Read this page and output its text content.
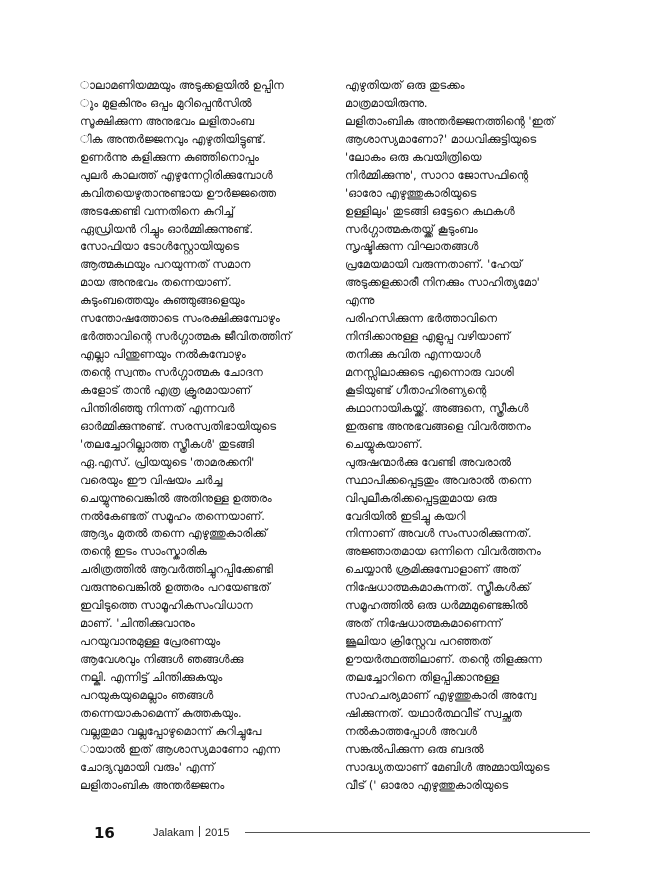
ാലാമണിയമ്മയും അടുക്കളയിൽ ഉപ്പിന
ും മുളകിനും ഒപ്പം മുറിപ്പെൻസിൽ
സൂക്ഷിക്കുന്ന അനുഭവം ലളിതാംബ
ിക അന്തർജ്ജനവും എഴുതിയിട്ടുണ്ട്.
ഉണർന്നു കളിക്കുന്ന കുഞ്ഞിനൊപ്പം
പുലർ കാലത്ത് എഴുന്നേറ്റിരിക്കുമ്പോൾ
കവിതയെഴുതാനുണ്ടായ ഊർജ്ജത്തെ
അടക്കേണ്ടി വന്നതിനെ കുറിച്ച്
ഏഡ്രിയൻ റിച്ചും ഓർമ്മിക്കുന്നുണ്ട്.
സോഫിയാ ടോൾസ്റ്റോയിയുടെ
ആത്മകഥയും പറയുന്നത് സമാന
മായ അനുഭവം തന്നെയാണ്.
കുടുംബത്തെയും കുഞ്ഞുങ്ങളെയും
സന്തോഷത്തോടെ സംരക്ഷിക്കുമ്പോഴും
ഭർത്താവിന്റെ സർഗ്ഗാത്മക ജീവിതത്തിന്
എല്ലാ പിന്തുണയും നൽകുമ്പോഴും
തന്റെ സ്വന്തം സർഗ്ഗാത്മക ചോദന
കളോട് താൻ എത്ര ക്രൂരമായാണ്
പിന്തിരിഞ്ഞു നിന്നത് എന്നവർ
ഓർമ്മിക്കുന്നുണ്ട്. സരസ്വതിഭായിയുടെ
'തലച്ചോറില്ലാത്ത സ്ത്രീകൾ' തുടങ്ങി
ഏ.എസ്. പ്രിയയുടെ 'താമരക്കനി'
വരെയും ഈ വിഷയം ചർച്ച
ചെയ്യുന്നുവെങ്കിൽ അതിനുള്ള ഉത്തരം
നൽകേണ്ടത് സമൂഹം തന്നെയാണ്.
ആദ്യം മുതൽ തന്നെ എഴുത്തുകാരിക്ക്
തന്റെ ഇടം സാംസ്കാരിക
ചരിത്രത്തിൽ ആവർത്തിച്ചുറപ്പിക്കേണ്ടി
വരുന്നുവെങ്കിൽ ഉത്തരം പറയേണ്ടത്
ഇവിടുത്തെ സാമൂഹികസംവിധാന
മാണ്. 'ചിന്തിക്കുവാനും
പറയുവാനുമുള്ള പ്രേരണയും
ആവേശവും നിങ്ങൾ ഞങ്ങൾക്കു
നല്കി. എന്നിട്ട് ചിന്തിക്കുകയും
പറയുകയുമെല്ലാം ഞങ്ങൾ
തന്നെയാകാമെന്ന് കുത്തകയും.
വല്ലതുമാ വല്ലപ്പോഴുമൊന്ന് കുറിച്ചുപേ
ായാൽ ഇത് ആശാസ്യമാണോ എന്ന
ചോദ്യവുമായി വരും' എന്ന്
ലളിതാംബിക അന്തർജ്ജനം
എഴുതിയത് ഒരു തുടക്കം
മാത്രമായിരുന്നു.
ലളിതാംബിക അന്തർജ്ജനത്തിന്റെ 'ഇത്
ആശാസ്യമാണോ?' മാധവിക്കുട്ടിയുടെ
'ലോകം ഒരു കവയിത്രിയെ
നിർമ്മിക്കുന്നു', സാറാ ജോസഫിന്റെ
'ഓരോ എഴുത്തുകാരിയുടെ
ഉള്ളിലും' തുടങ്ങി ഒട്ടേറെ കഥകൾ
സർഗ്ഗാത്മകതയ്ക്ക് കൂടുംബം
സൃഷ്ടിക്കുന്ന വിഘാതങ്ങൾ
പ്രമേയമായി വരുന്നതാണ്. 'ഹേയ്
അടുക്കളക്കാരീ നിനക്കും സാഹിത്യമോ'
എന്നു
പരിഹസിക്കുന്ന ഭർത്താവിനെ
നിന്ദിക്കാനുള്ള എളുപ്പ വഴിയാണ്
തനിക്കു കവിത എന്നയാൾ
മനസ്സിലാക്കുടെ എന്നൊരു വാശി
കൂടിയുണ്ട് ഗീതാഹിരണ്യന്റെ
കഥാനായികയ്ക്ക്. അങ്ങനെ, സ്ത്രീകൾ
ഇരുണ്ട അനുഭവങ്ങളെ വിവർത്തനം
ചെയ്യുകയാണ്.
പുരുഷന്മാർക്കു വേണ്ടി അവരാൽ
സ്ഥാപിക്കപ്പെട്ടതും അവരാൽ തന്നെ
വിപുലീകരിക്കപ്പെട്ടതുമായ ഒരു
വേദിയിൽ ഇടിച്ചു കയറി
നിന്നാണ് അവൾ സംസാരിക്കുന്നത്.
അജ്ഞാതമായ ഒന്നിനെ വിവർത്തനം
ചെയ്യാൻ ശ്രമിക്കുമ്പോളാണ് അത്
നിഷേധാത്മകമാകുന്നത്. സ്ത്രീകൾക്ക്
സമൂഹത്തിൽ ഒരു ധർമ്മമുണ്ടെങ്കിൽ
അത് നിഷേധാത്മകമാണെന്ന്
ജൂലിയാ ക്രിസ്റ്റേവ പറഞ്ഞത്
ഊയർത്ഥത്തിലാണ്. തന്റെ തിളക്കുന്ന
തലച്ചോറിനെ തിളപ്പിക്കാനുള്ള
സാഹചര്യമാണ് എഴുത്തുകാരി അന്വേ
ഷിക്കുന്നത്. യഥാർത്ഥവീട് സ്വച്ഛത
നൽകാത്തപ്പോൾ അവൾ
സങ്കൽപിക്കുന്ന ഒരു ബദൽ
സാദ്ധ്യതയാണ് മേബിൾ അമ്മായിയുടെ
വീട് (' ഓരോ എഴുത്തുകാരിയുടെ
16	Jalakam 2015
